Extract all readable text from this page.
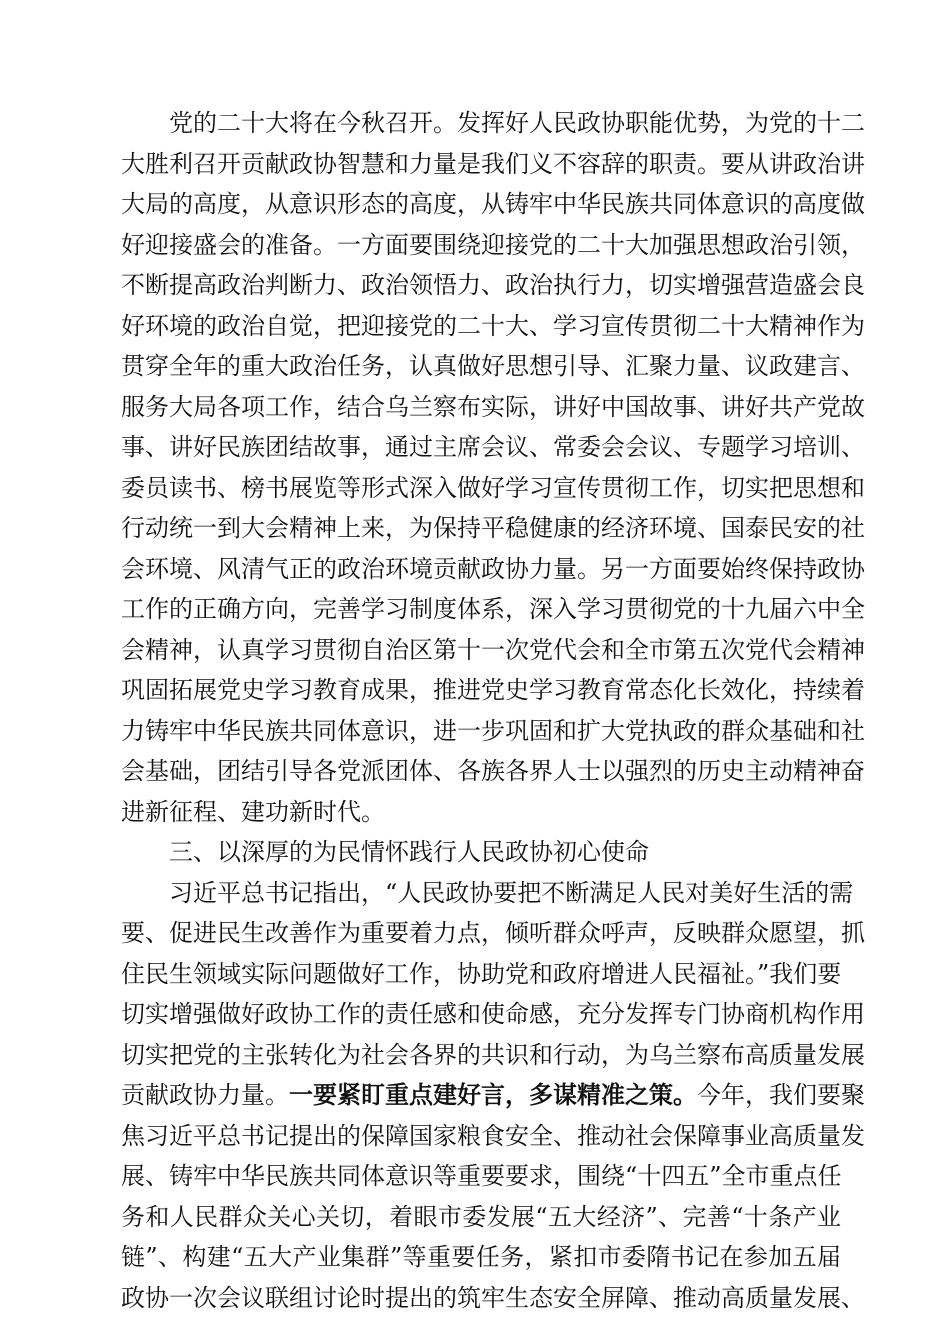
党的二十大将在今秋召开。发挥好人民政协职能优势，为党的十二
大胜利召开贡献政协智慧和力量是我们义不容辞的职责。要从讲政治讲
大局的高度，从意识形态的高度，从铸牢中华民族共同体意识的高度做
好迎接盛会的准备。一方面要围绕迎接党的二十大加强思想政治引领，
不断提高政治判断力、政治领悟力、政治执行力，切实增强营造盛会良
好环境的政治自觉，把迎接党的二十大、学习宣传贯彻二十大精神作为
贯穿全年的重大政治任务，认真做好思想引导、汇聚力量、议政建言、
服务大局各项工作，结合乌兰察布实际，讲好中国故事、讲好共产党故
事、讲好民族团结故事，通过主席会议、常委会会议、专题学习培训、
委员读书、榜书展览等形式深入做好学习宣传贯彻工作，切实把思想和
行动统一到大会精神上来，为保持平稳健康的经济环境、国泰民安的社
会环境、风清气正的政治环境贡献政协力量。另一方面要始终保持政协
工作的正确方向，完善学习制度体系，深入学习贯彻党的十九届六中全
会精神，认真学习贯彻自治区第十一次党代会和全市第五次党代会精神
巩固拓展党史学习教育成果，推进党史学习教育常态化长效化，持续着
力铸牢中华民族共同体意识，进一步巩固和扩大党执政的群众基础和社
会基础，团结引导各党派团体、各族各界人士以强烈的历史主动精神奋
进新征程、建功新时代。
三、以深厚的为民情怀践行人民政协初心使命
习近平总书记指出，“人民政协要把不断满足人民对美好生活的需
要、促进民生改善作为重要着力点，倾听群众呼声，反映群众愿望，抓
住民生领域实际问题做好工作，协助党和政府增进人民福祉。”我们要
切实增强做好政协工作的责任感和使命感，充分发挥专门协商机构作用
切实把党的主张转化为社会各界的共识和行动，为乌兰察布高质量发展
贡献政协力量。一要紧盯重点建好言，多谋精准之策。今年，我们要聚
焦习近平总书记提出的保障国家粮食安全、推动社会保障事业高质量发
展、铸牢中华民族共同体意识等重要要求，围绕“十四五”全市重点任
务和人民群众关心关切，着眼市委发展“五大经济”、完善“十条产业
链”、构建“五大产业集群”等重要任务，紧扣市委隋书记在参加五届
政协一次会议联组讨论时提出的筑牢生态安全屏障、推动高质量发展、
